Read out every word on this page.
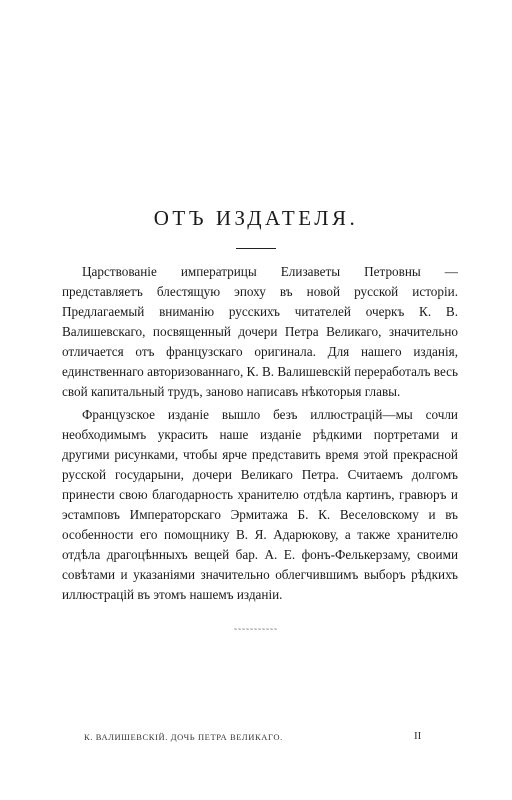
ОТЪ ИЗДАТЕЛЯ.

Царствованіе императрицы Елизаветы Петровны — представляетъ блестящую эпоху въ новой русской исторіи. Предлагаемый вниманію русскихъ читателей очеркъ К. В. Валишевскаго, посвященный дочери Петра Великаго, значительно отличается отъ французскаго оригинала. Для нашего изданія, единственнаго авторизованнаго, К. В. Валишевскій переработалъ весь свой капитальный трудъ, заново написавъ нѣкоторыя главы.

Французское изданіе вышло безъ иллюстрацій—мы сочли необходимымъ украсить наше изданіе рѣдкими портретами и другими рисунками, чтобы ярче представить время этой прекрасной русской государыни, дочери Великаго Петра. Считаемъ долгомъ принести свою благодарность хранителю отдѣла картинъ, гравюръ и эстамповъ Императорскаго Эрмитажа Б. К. Веселовскому и въ особенности его помощнику В. Я. Адарюкову, а также хранителю отдѣла драгоцѣнныхъ вещей бар. А. Е. фонъ-Фелькерзаму, своими совѣтами и указаніями значительно облегчившимъ выборъ рѣдкихъ иллюстрацій въ этомъ нашемъ изданіи.

˜˜˜˜˜˜˜˜˜˜˜
К. ВАЛИШЕВСКІЙ. ДОЧЬ ПЕТРА ВЕЛИКАГО.	II
